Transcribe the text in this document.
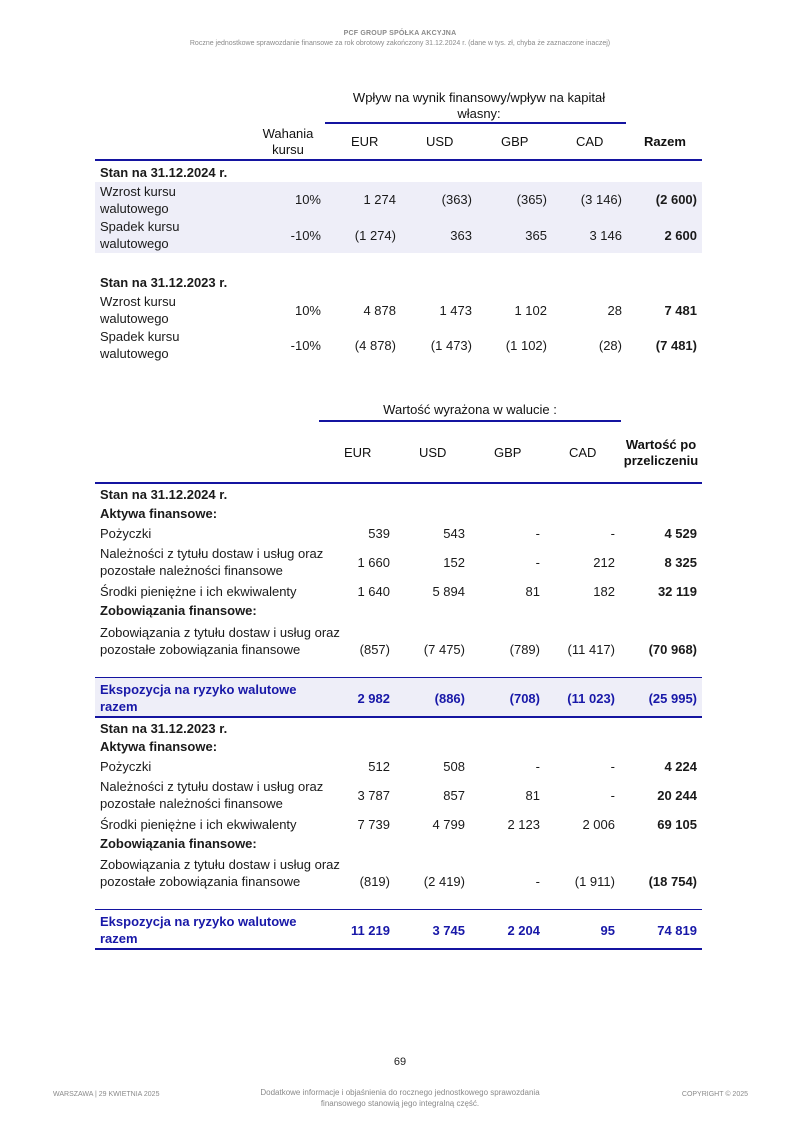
PCF GROUP SPÓŁKA AKCYJNA
Roczne jednostkowe sprawozdanie finansowe za rok obrotowy zakończony 31.12.2024 r. (dane w tys. zł, chyba że zaznaczone inaczej)
Wpływ na wynik finansowy/wpływ na kapitał własny:
Wahania kursu
EUR	USD	GBP	CAD	Razem
Stan na 31.12.2024 r.
Wzrost kursu walutowego
10%	1 274	(363)	(365)	(3 146)	(2 600)
Spadek kursu walutowego
-10%	(1 274)	363	365	3 146	2 600
Stan na 31.12.2023 r.
Wzrost kursu walutowego
10%	4 878	1 473	1 102	28	7 481
Spadek kursu walutowego
-10%	(4 878)	(1 473)	(1 102)	(28)	(7 481)
Wartość wyrażona w walucie :
EUR	USD	GBP	CAD
Wartość po przeliczeniu
Stan na 31.12.2024 r.
Aktywa finansowe:
Pożyczki	539	543	-	-	4 529
Należności z tytułu dostaw i usług oraz pozostałe należności finansowe
1 660	152	-	212	8 325
Środki pieniężne i ich ekwiwalenty	1 640	5 894	81	182	32 119
Zobowiązania finansowe:
Zobowiązania z tytułu dostaw i usług oraz pozostałe zobowiązania finansowe	(857)	(7 475)	(789) (11 417)	(70 968)
Ekspozycja na ryzyko walutowe razem
2 982	(886)	(708) (11 023)	(25 995)
Stan na 31.12.2023 r.
Aktywa finansowe:
Pożyczki	512	508	-	-	4 224
Należności z tytułu dostaw i usług oraz pozostałe należności finansowe
3 787	857	81	-	20 244
Środki pieniężne i ich ekwiwalenty	7 739	4 799	2 123	2 006	69 105
Zobowiązania finansowe:
Zobowiązania z tytułu dostaw i usług oraz pozostałe zobowiązania finansowe	(819)	(2 419)	-	(1 911)	(18 754)
Ekspozycja na ryzyko walutowe razem
11 219	3 745	2 204	95	74 819
69
WARSZAWA | 29 KWIETNIA 2025	Dodatkowe informacje i objaśnienia do rocznego jednostkowego sprawozdania finansowego stanowią jego integralną część.
COPYRIGHT © 2025
